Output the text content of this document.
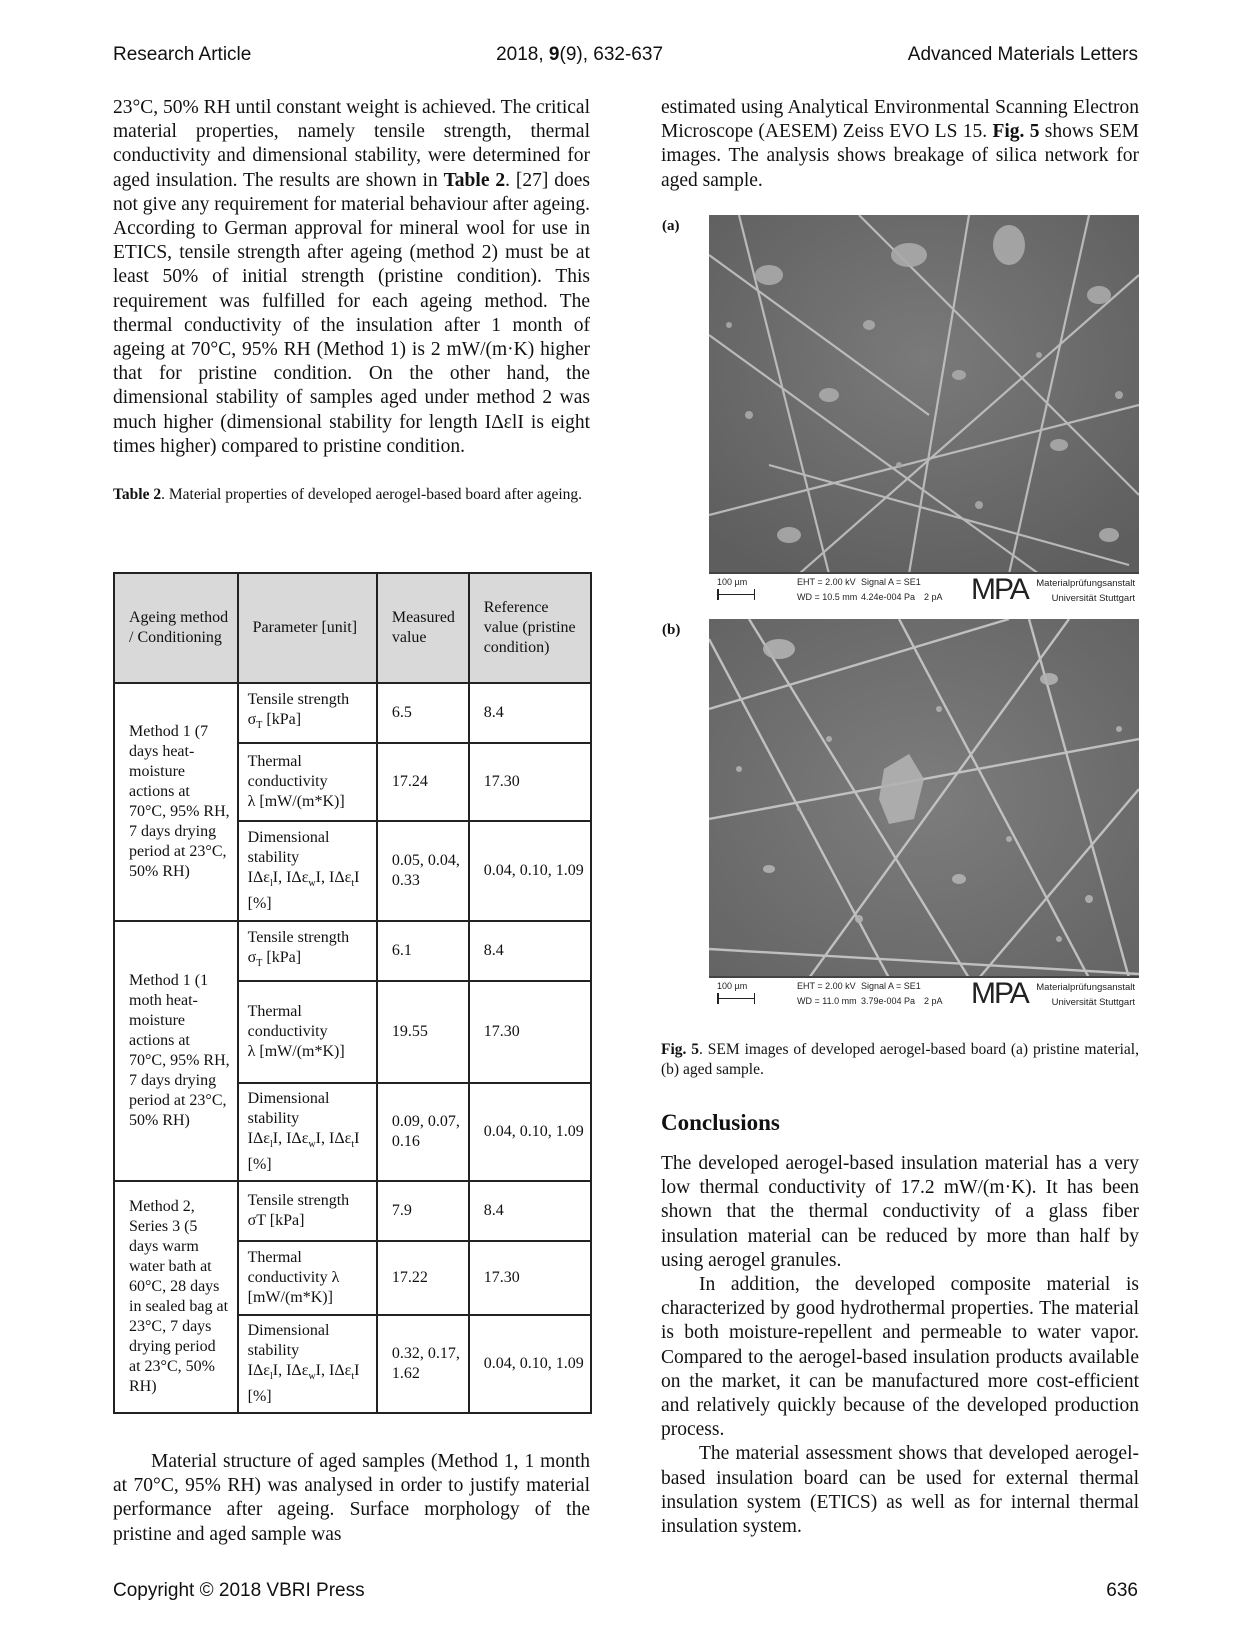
Research Article	2018, 9(9), 632-637	Advanced Materials Letters

23°C, 50% RH until constant weight is achieved. The critical material properties, namely tensile strength, thermal conductivity and dimensional stability, were determined for aged insulation. The results are shown in Table 2. [27] does not give any requirement for material behaviour after ageing. According to German approval for mineral wool for use in ETICS, tensile strength after ageing (method 2) must be at least 50% of initial strength (pristine condition). This requirement was fulfilled for each ageing method. The thermal conductivity of the insulation after 1 month of ageing at 70°C, 95% RH (Method 1) is 2 mW/(m·K) higher that for pristine condition. On the other hand, the dimensional stability of samples aged under method 2 was much higher (dimensional stability for length IΔεlI is eight times higher) compared to pristine condition.

Table 2. Material properties of developed aerogel-based board after ageing.

Ageing method / Conditioning	Parameter [unit]	Measured value	Reference value (pristine condition)
Method 1 (7 days heat-moisture actions at 70°C, 95% RH, 7 days drying period at 23°C, 50% RH)	Tensile strength
$\sigma_T$ [kPa]	6.5	8.4
	Thermal
conductivity
λ [mW/(m*K)]	17.24	17.30
	Dimensional
stability
IΔε$_l$I, IΔε$_w$I, IΔε$_t$I
[%]	0.05, 0.04, 0.33	0.04, 0.10, 1.09
Method 1 (1 moth heat-moisture actions at 70°C, 95% RH, 7 days drying period at 23°C, 50% RH)	Tensile strength
$\sigma_T$ [kPa]	6.1	8.4
	Thermal
conductivity
λ [mW/(m*K)]	19.55	17.30
	Dimensional
stability
IΔε$_l$I, IΔε$_w$I, IΔε$_t$I
[%]	0.09, 0.07, 0.16	0.04, 0.10, 1.09
Method 2, Series 3 (5 days warm water bath at 60°C, 28 days in sealed bag at 23°C, 7 days drying period at 23°C, 50% RH)	Tensile strength
σT [kPa]	7.9	8.4
	Thermal
conductivity λ
[mW/(m*K)]	17.22	17.30
	Dimensional
stability
IΔε$_l$I, IΔε$_w$I, IΔε$_t$I
[%]	0.32, 0.17, 1.62	0.04, 0.10, 1.09

Material structure of aged samples (Method 1, 1 month at 70°C, 95% RH) was analysed in order to justify material performance after ageing. Surface morphology of the pristine and aged sample was

estimated using Analytical Environmental Scanning Electron Microscope (AESEM) Zeiss EVO LS 15. Fig. 5 shows SEM images. The analysis shows breakage of silica network for aged sample.

(a)
100 µm	EHT = 2.00 kV
WD = 10.5 mm
Signal A = SE1
4.24e-004 Pa 2 pA MPA Materialprüfungsanstalt
Universität Stuttgart
(b)
100 µm	EHT = 2.00 kV
WD = 11.0 mm
Signal A = SE1
3.79e-004 Pa 2 pA MPA Materialprüfungsanstalt
Universität Stuttgart
Fig. 5. SEM images of developed aerogel-based board (a) pristine material, (b) aged sample.
Conclusions

The developed aerogel-based insulation material has a very low thermal conductivity of 17.2 mW/(m·K). It has been shown that the thermal conductivity of a glass fiber insulation material can be reduced by more than half by using aerogel granules.

In addition, the developed composite material is characterized by good hydrothermal properties. The material is both moisture-repellent and permeable to water vapor. Compared to the aerogel-based insulation products available on the market, it can be manufactured more cost-efficient and relatively quickly because of the developed production process.

The material assessment shows that developed aerogel-based insulation board can be used for external thermal insulation system (ETICS) as well as for internal thermal insulation system.

Copyright © 2018 VBRI Press	636
